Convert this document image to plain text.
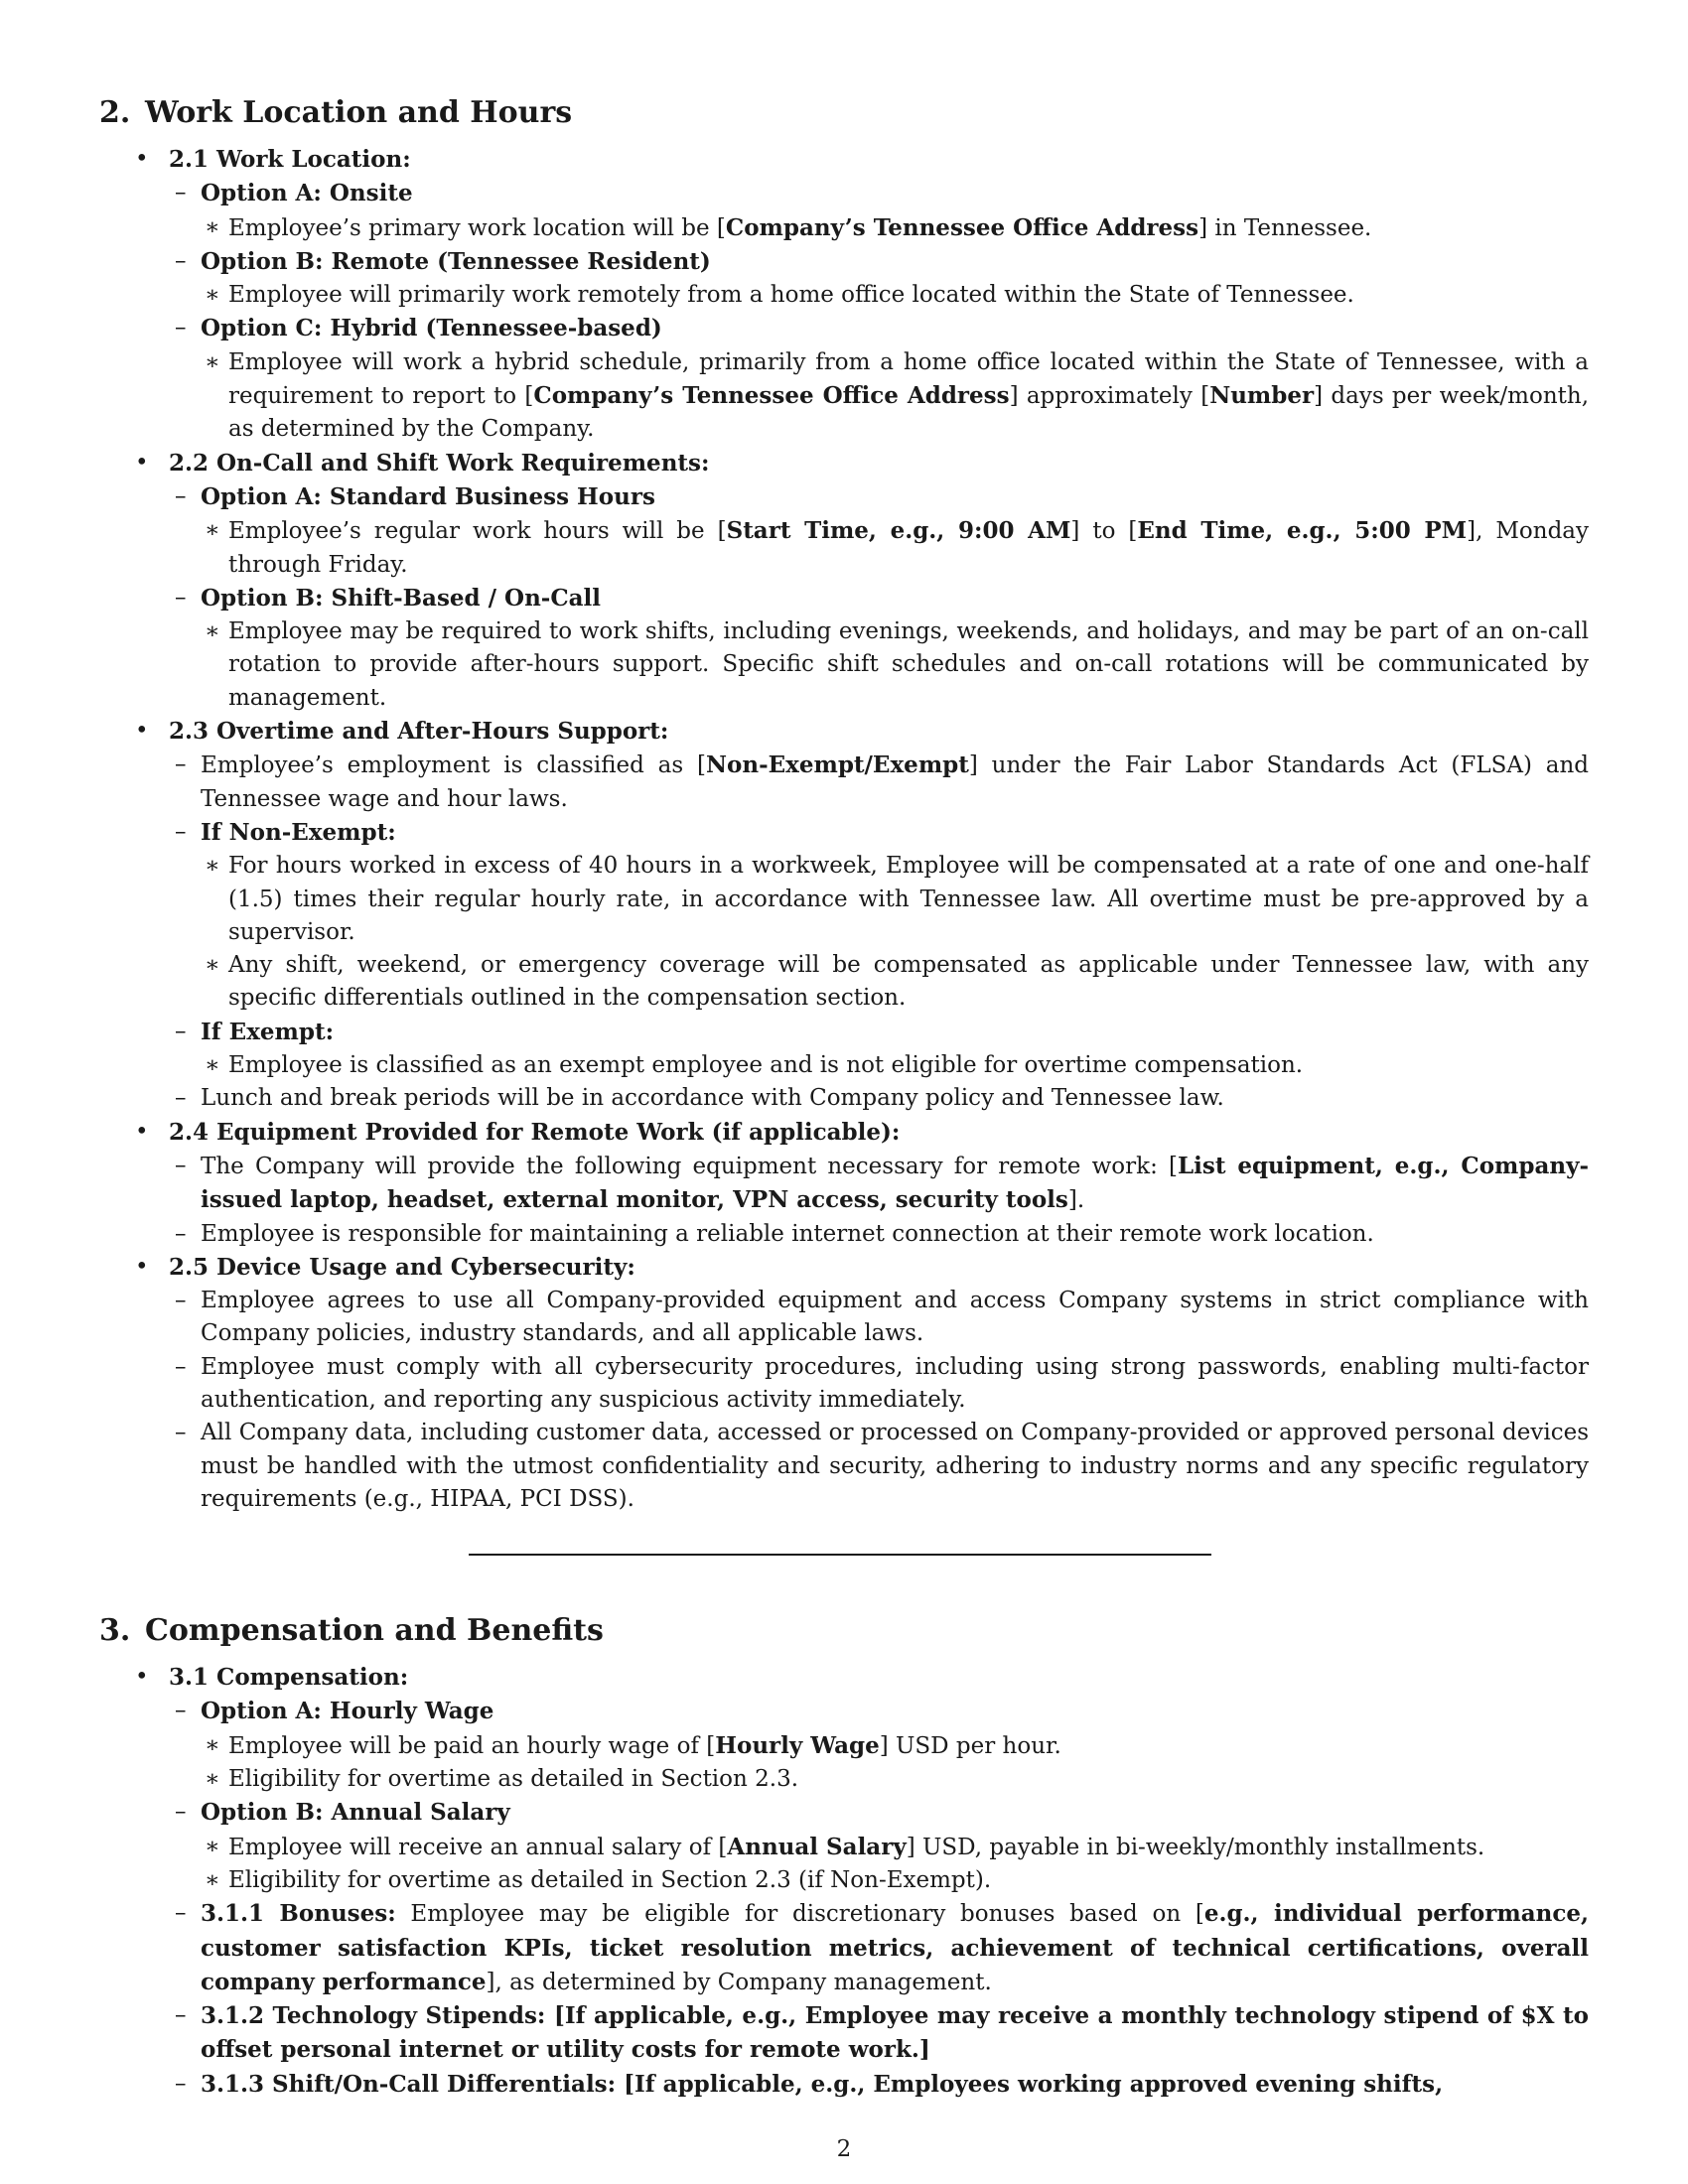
2. Work Location and Hours
• 2.1 Work Location:
– Option A: Onsite
∗ Employee’s primary work location will be [Company’s Tennessee Office Address] in Tennessee.
– Option B: Remote (Tennessee Resident)
∗ Employee will primarily work remotely from a home office located within the State of Tennessee.
– Option C: Hybrid (Tennessee-based)
∗ Employee will work a hybrid schedule, primarily from a home office located within the State of Tennessee, with a requirement to report to [Company’s Tennessee Office Address] approximately [Number] days per week/month, as determined by the Company.
• 2.2 On-Call and Shift Work Requirements:
– Option A: Standard Business Hours
∗ Employee’s regular work hours will be [Start Time, e.g., 9:00 AM] to [End Time, e.g., 5:00 PM], Monday through Friday.
– Option B: Shift-Based / On-Call
∗ Employee may be required to work shifts, including evenings, weekends, and holidays, and may be part of an on-call rotation to provide after-hours support. Specific shift schedules and on-call rotations will be communicated by management.
• 2.3 Overtime and After-Hours Support:
– Employee’s employment is classified as [Non-Exempt/Exempt] under the Fair Labor Standards Act (FLSA) and Tennessee wage and hour laws.
– If Non-Exempt:
∗ For hours worked in excess of 40 hours in a workweek, Employee will be compensated at a rate of one and one-half (1.5) times their regular hourly rate, in accordance with Tennessee law. All overtime must be pre-approved by a supervisor.
∗ Any shift, weekend, or emergency coverage will be compensated as applicable under Tennessee law, with any specific differentials outlined in the compensation section.
– If Exempt:
∗ Employee is classified as an exempt employee and is not eligible for overtime compensation.
– Lunch and break periods will be in accordance with Company policy and Tennessee law.
• 2.4 Equipment Provided for Remote Work (if applicable):
– The Company will provide the following equipment necessary for remote work: [List equipment, e.g., Company-issued laptop, headset, external monitor, VPN access, security tools].
– Employee is responsible for maintaining a reliable internet connection at their remote work location.
• 2.5 Device Usage and Cybersecurity:
– Employee agrees to use all Company-provided equipment and access Company systems in strict compliance with Company policies, industry standards, and all applicable laws.
– Employee must comply with all cybersecurity procedures, including using strong passwords, enabling multi-factor authentication, and reporting any suspicious activity immediately.
– All Company data, including customer data, accessed or processed on Company-provided or approved personal devices must be handled with the utmost confidentiality and security, adhering to industry norms and any specific regulatory requirements (e.g., HIPAA, PCI DSS).
3. Compensation and Benefits
• 3.1 Compensation:
– Option A: Hourly Wage
∗ Employee will be paid an hourly wage of [Hourly Wage] USD per hour.
∗ Eligibility for overtime as detailed in Section 2.3.
– Option B: Annual Salary
∗ Employee will receive an annual salary of [Annual Salary] USD, payable in bi-weekly/monthly installments.
∗ Eligibility for overtime as detailed in Section 2.3 (if Non-Exempt).
– 3.1.1 Bonuses: Employee may be eligible for discretionary bonuses based on [e.g., individual performance, customer satisfaction KPIs, ticket resolution metrics, achievement of technical certifications, overall company performance], as determined by Company management.
– 3.1.2 Technology Stipends: [If applicable, e.g., Employee may receive a monthly technology stipend of $X to offset personal internet or utility costs for remote work.]
– 3.1.3 Shift/On-Call Differentials: [If applicable, e.g., Employees working approved evening shifts,
2
